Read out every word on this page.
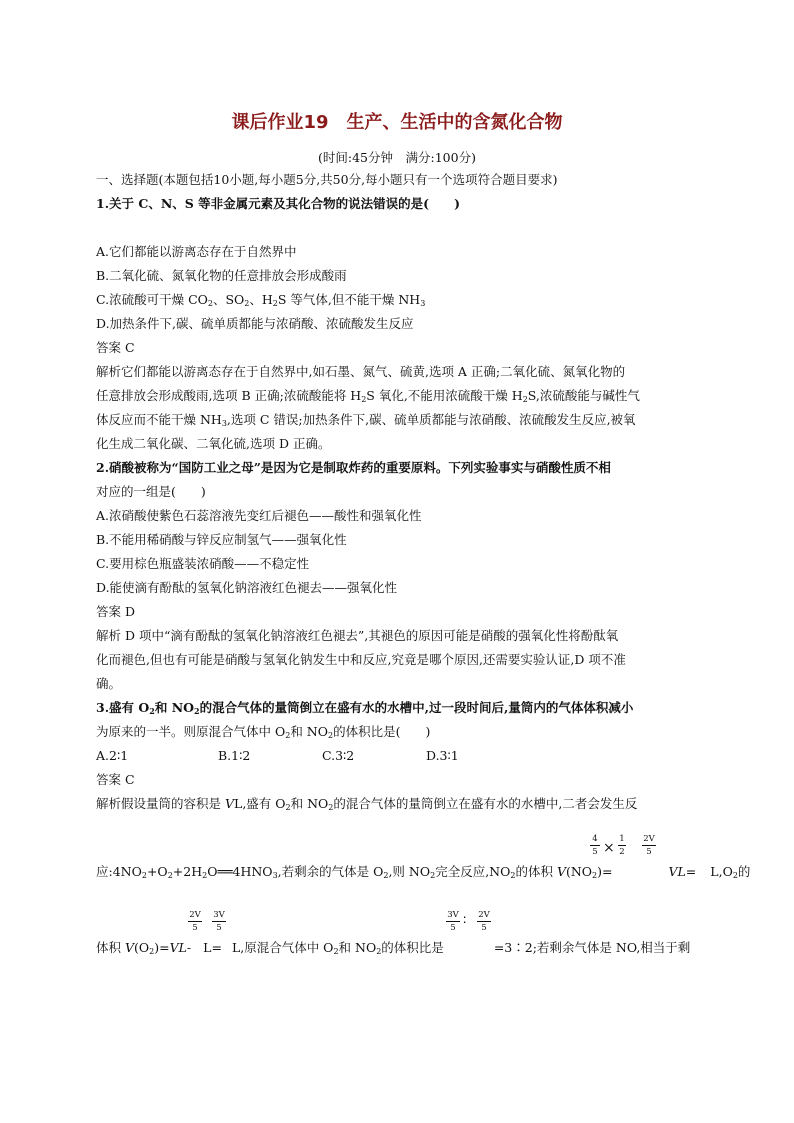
课后作业19　生产、生活中的含氮化合物
(时间:45分钟　满分:100分)
一、选择题(本题包括10小题,每小题5分,共50分,每小题只有一个选项符合题目要求)
1.关于 C、N、S 等非金属元素及其化合物的说法错误的是(　　)
A.它们都能以游离态存在于自然界中
B.二氧化硫、氮氧化物的任意排放会形成酸雨
C.浓硫酸可干燥 $CO_2$、$SO_2$、$H_2S$ 等气体,但不能干燥 $NH_3$
D.加热条件下,碳、硫单质都能与浓硝酸、浓硫酸发生反应
答案 C
解析它们都能以游离态存在于自然界中,如石墨、氮气、硫黄,选项 A 正确;二氧化硫、氮氧化物的
任意排放会形成酸雨,选项 B 正确;浓硫酸能将 $H_2S$ 氧化,不能用浓硫酸干燥 $H_2S$,浓硫酸能与碱性气
体反应而不能干燥 $NH_3$,选项 C 错误;加热条件下,碳、硫单质都能与浓硝酸、浓硫酸发生反应,被氧
化生成二氧化碳、二氧化硫,选项 D 正确。
2.硝酸被称为“国防工业之母”是因为它是制取炸药的重要原料。下列实验事实与硝酸性质不相
对应的一组是(　　)
A.浓硝酸使紫色石蕊溶液先变红后褪色——酸性和强氧化性
B.不能用稀硝酸与锌反应制氢气——强氧化性
C.要用棕色瓶盛装浓硝酸——不稳定性
D.能使滴有酚酞的氢氧化钠溶液红色褪去——强氧化性
答案 D
解析 D 项中“滴有酚酞的氢氧化钠溶液红色褪去”,其褪色的原因可能是硝酸的强氧化性将酚酞氧
化而褪色,但也有可能是硝酸与氢氧化钠发生中和反应,究竟是哪个原因,还需要实验认证,D 项不准
确。
3.盛有 $O_2$和 $NO_2$的混合气体的量筒倒立在盛有水的水槽中,过一段时间后,量筒内的气体体积减小
为原来的一半。则原混合气体中 $O_2$和 $NO_2$的体积比是(　　)
A.2∶1	B.1∶2	C.3∶2	D.3∶1
答案 C
解析假设量筒的容积是 VL,盛有 $O_2$和 $NO_2$的混合气体的量筒倒立在盛有水的水槽中,二者会发生反
4
5 ×
1
2
2V
5
应$:4NO_2+O_2+2H_2O══4HNO_3$,若剩余的气体是 $O_2$,则 $NO_2$完全反应$,NO_2$的体积 $V(NO_2)=$	$VL= L,O_2$的
2V
5
3V
5
3V
5
∶ 2V
5
体积 $V(O_2)=VL-$ L= L,原混合气体中 $O_2$和 $NO_2$的体积比是	=3∶2;若剩余气体是 NO,相当于剩
